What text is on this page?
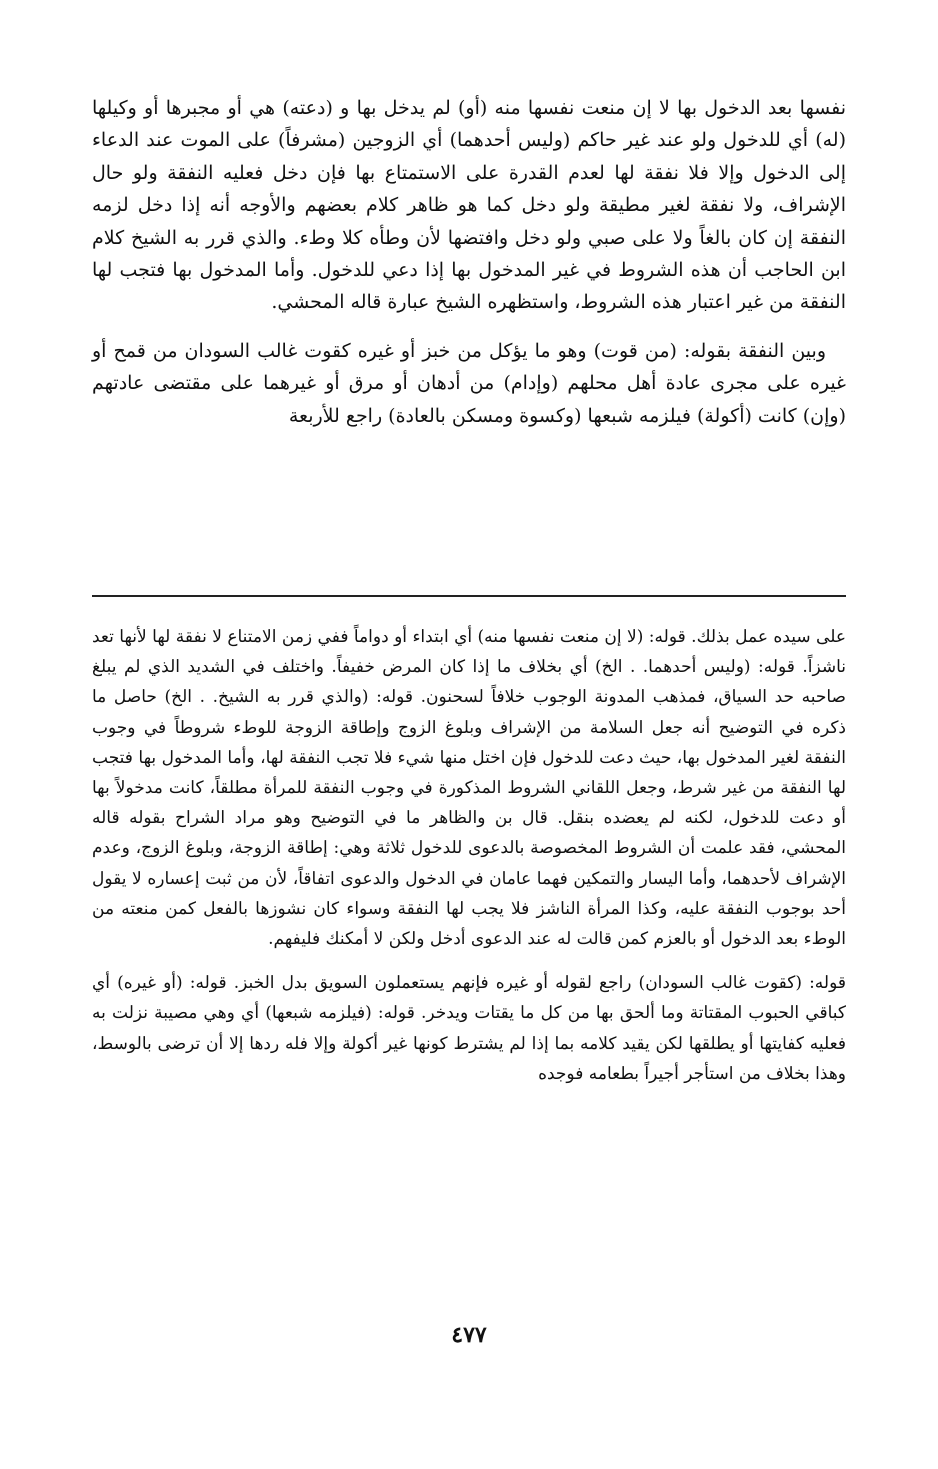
نفسها بعد الدخول بها لا إن منعت نفسها منه (أو) لم يدخل بها و (دعته) هي أو مجبرها أو وكيلها (له) أي للدخول ولو عند غير حاكم (وليس أحدهما) أي الزوجين (مشرفاً) على الموت عند الدعاء إلى الدخول وإلا فلا نفقة لها لعدم القدرة على الاستمتاع بها فإن دخل فعليه النفقة ولو حال الإشراف، ولا نفقة لغير مطيقة ولو دخل كما هو ظاهر كلام بعضهم والأوجه أنه إذا دخل لزمه النفقة إن كان بالغاً ولا على صبي ولو دخل وافتضها لأن وطأه كلا وطء. والذي قرر به الشيخ كلام ابن الحاجب أن هذه الشروط في غير المدخول بها إذا دعي للدخول. وأما المدخول بها فتجب لها النفقة من غير اعتبار هذه الشروط، واستظهره الشيخ عبارة قاله المحشي.

وبين النفقة بقوله: (من قوت) وهو ما يؤكل من خبز أو غيره كقوت غالب السودان من قمح أو غيره على مجرى عادة أهل محلهم (وإدام) من أدهان أو مرق أو غيرهما على مقتضى عادتهم (وإن) كانت (أكولة) فيلزمه شبعها (وكسوة ومسكن بالعادة) راجع للأربعة

على سيده عمل بذلك. قوله: (لا إن منعت نفسها منه) أي ابتداء أو دواماً ففي زمن الامتناع لا نفقة لها لأنها تعد ناشزاً. قوله: (وليس أحدهما. . الخ) أي بخلاف ما إذا كان المرض خفيفاً. واختلف في الشديد الذي لم يبلغ صاحبه حد السياق، فمذهب المدونة الوجوب خلافاً لسحنون. قوله: (والذي قرر به الشيخ. . الخ) حاصل ما ذكره في التوضيح أنه جعل السلامة من الإشراف وبلوغ الزوج وإطاقة الزوجة للوطء شروطاً في وجوب النفقة لغير المدخول بها، حيث دعت للدخول فإن اختل منها شيء فلا تجب النفقة لها، وأما المدخول بها فتجب لها النفقة من غير شرط، وجعل اللقاني الشروط المذكورة في وجوب النفقة للمرأة مطلقاً، كانت مدخولاً بها أو دعت للدخول، لكنه لم يعضده بنقل. قال بن والظاهر ما في التوضيح وهو مراد الشراح بقوله قاله المحشي، فقد علمت أن الشروط المخصوصة بالدعوى للدخول ثلاثة وهي: إطاقة الزوجة، وبلوغ الزوج، وعدم الإشراف لأحدهما، وأما اليسار والتمكين فهما عامان في الدخول والدعوى اتفاقاً، لأن من ثبت إعساره لا يقول أحد بوجوب النفقة عليه، وكذا المرأة الناشز فلا يجب لها النفقة وسواء كان نشوزها بالفعل كمن منعته من الوطء بعد الدخول أو بالعزم كمن قالت له عند الدعوى أدخل ولكن لا أمكنك فليفهم.

قوله: (كقوت غالب السودان) راجع لقوله أو غيره فإنهم يستعملون السويق بدل الخبز. قوله: (أو غيره) أي كباقي الحبوب المقتاتة وما ألحق بها من كل ما يقتات ويدخر. قوله: (فيلزمه شبعها) أي وهي مصيبة نزلت به فعليه كفايتها أو يطلقها لكن يقيد كلامه بما إذا لم يشترط كونها غير أكولة وإلا فله ردها إلا أن ترضى بالوسط، وهذا بخلاف من استأجر أجيراً بطعامه فوجده

٤٧٧
